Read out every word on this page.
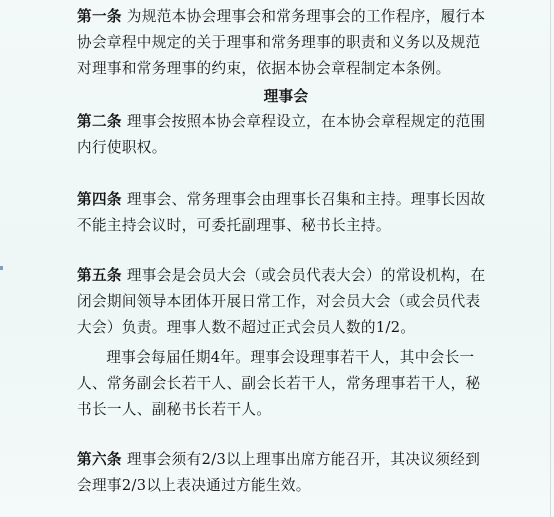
第一条 为规范本协会理事会和常务理事会的工作程序，履行本协会章程中规定的关于理事和常务理事的职责和义务以及规范对理事和常务理事的约束，依据本协会章程制定本条例。

理事会

第二条 理事会按照本协会章程设立，在本协会章程规定的范围内行使职权。

第四条 理事会、常务理事会由理事长召集和主持。理事长因故不能主持会议时，可委托副理事、秘书长主持。

第五条 理事会是会员大会（或会员代表大会）的常设机构，在闭会期间领导本团体开展日常工作，对会员大会（或会员代表大会）负责。理事人数不超过正式会员人数的1/2。

理事会每届任期4年。理事会设理事若干人，其中会长一人、常务副会长若干人、副会长若干人，常务理事若干人，秘书长一人、副秘书长若干人。

第六条 理事会须有2/3以上理事出席方能召开，其决议须经到会理事2/3以上表决通过方能生效。
